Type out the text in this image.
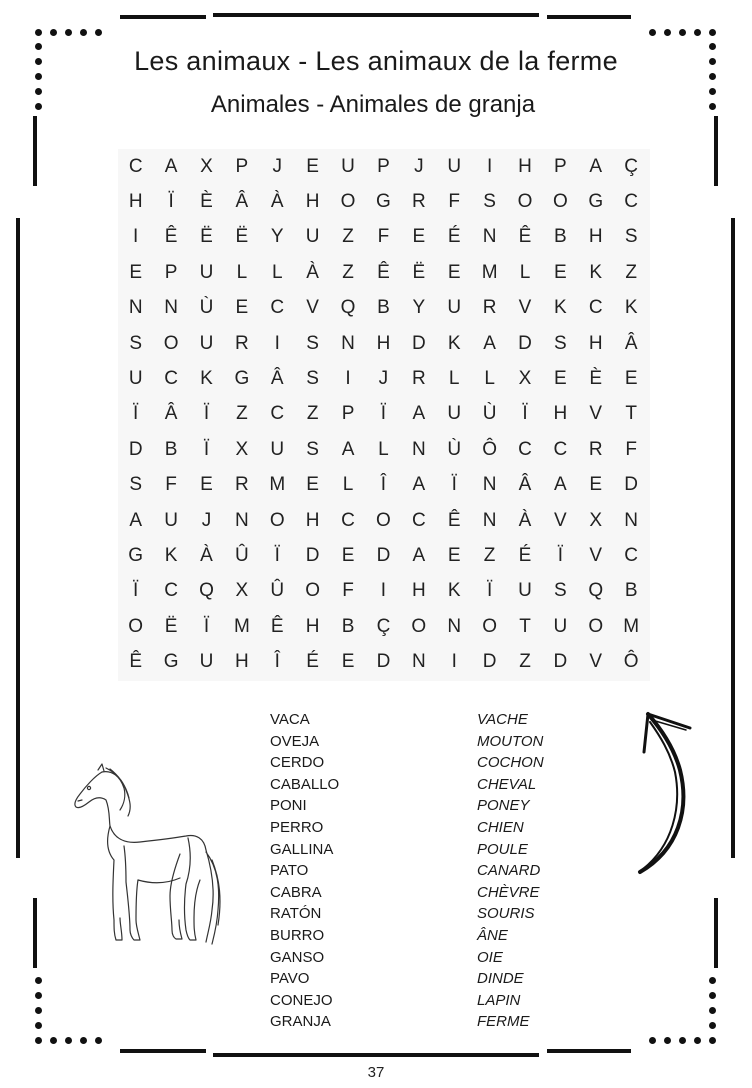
Les animaux - Les animaux de la ferme
Animales - Animales de granja
C	A	X	P	J	E	U	P	J	U	I	H	P	A	Ç
H	Ï	È	Â	À	H	O	G	R	F	S	O	O	G	C
I	Ê	Ë	Ë	Y	U	Z	F	E	É	N	Ê	B	H	S
E	P	U	L	L	À	Z	Ê	Ë	E	M	L	E	K	Z
N	N	Ù	E	C	V	Q	B	Y	U	R	V	K	C	K
S	O	U	R	I	S	N	H	D	K	A	D	S	H	Â
U	C	K	G	Â	S	I	J	R	L	L	X	E	È	E
Ï	Â	Ï	Z	C	Z	P	Ï	A	U	Ù	Ï	H	V	T
D	B	Ï	X	U	S	A	L	N	Ù	Ô	C	C	R	F
S	F	E	R	M	E	L	Î	A	Ï	N	Â	A	E	D
A	U	J	N	O	H	C	O	C	Ê	N	À	V	X	N
G	K	À	Û	Ï	D	E	D	A	E	Z	É	Ï	V	C
Ï	C	Q	X	Û	O	F	I	H	K	Ï	U	S	Q	B
O	Ë	Ï	M	Ê	H	B	Ç	O	N	O	T	U	O	M
Ê	G	U	H	Î	É	E	D	N	I	D	Z	D	V	Ô
VACA
OVEJA
CERDO
CABALLO
PONI
PERRO
GALLINA
PATO
CABRA
RATÓN
BURRO
GANSO
PAVO
CONEJO
GRANJA
VACHE
MOUTON
COCHON
CHEVAL
PONEY
CHIEN
POULE
CANARD
CHÈVRE
SOURIS
ÂNE
OIE
DINDE
LAPIN
FERME
37
